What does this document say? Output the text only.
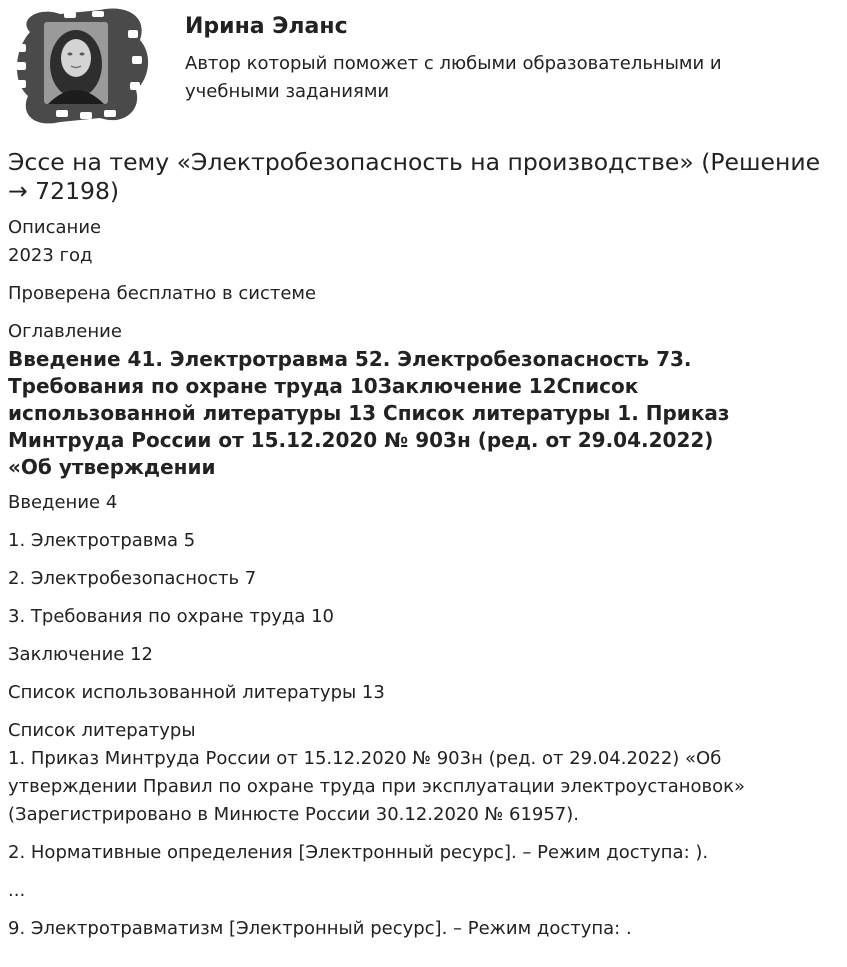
Ирина Эланс
Автор который поможет с любыми образовательными и
учебными заданиями
Эссе на тему «Электробезопасность на производстве» (Решение
→ 72198)
Описание
2023 год
Проверена бесплатно в системе
Оглавление
Введение 41. Электротравма 52. Электробезопасность 73.
Требования по охране труда 10Заключение 12Список
использованной литературы 13 Список литературы 1. Приказ
Минтруда России от 15.12.2020 № 903н (ред. от 29.04.2022)
«Об утверждении
Введение 4
1. Электротравма 5
2. Электробезопасность 7
3. Требования по охране труда 10
Заключение 12
Список использованной литературы 13
Список литературы
1. Приказ Минтруда России от 15.12.2020 № 903н (ред. от 29.04.2022) «Об
утверждении Правил по охране труда при эксплуатации электроустановок»
(Зарегистрировано в Минюсте России 30.12.2020 № 61957).
2. Нормативные определения [Электронный ресурс]. – Режим доступа: ).
...
9. Электротравматизм [Электронный ресурс]. – Режим доступа: .
